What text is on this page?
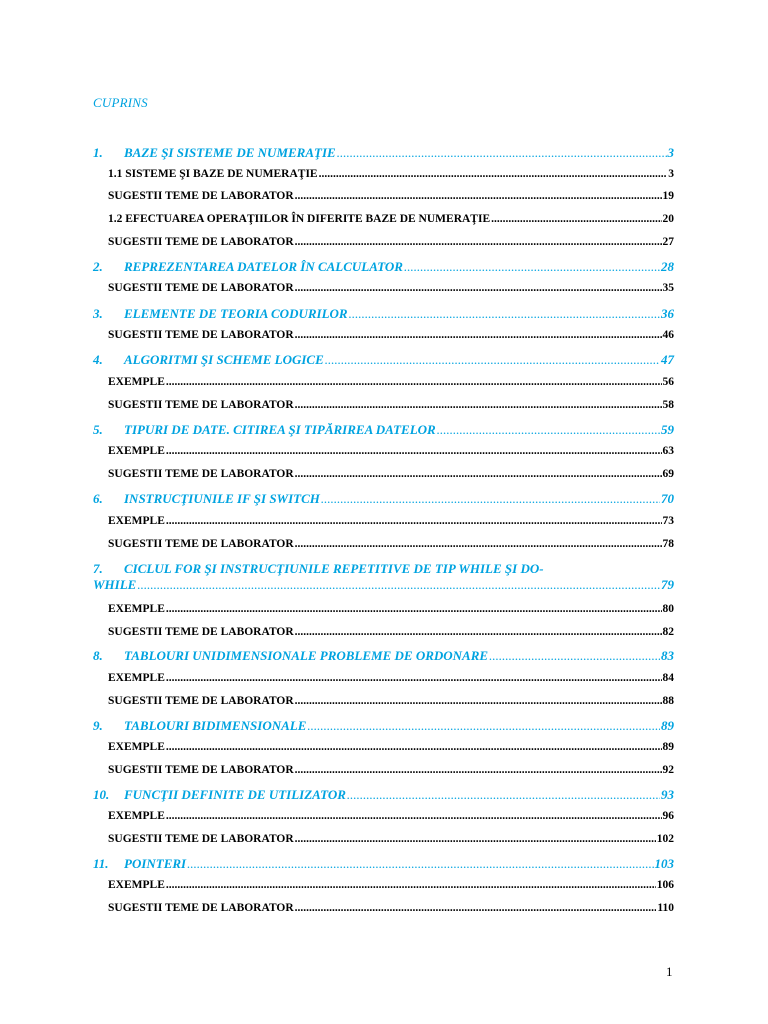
CUPRINS
1.	BAZE ŞI SISTEME DE NUMERAŢIE .....	3
1.1 SISTEME ŞI BAZE DE NUMERAŢIE .....	3
SUGESTII TEME DE LABORATOR .....	19
1.2 EFECTUAREA OPERAŢIILOR ÎN DIFERITE BAZE DE NUMERAŢIE .....	20
SUGESTII TEME DE LABORATOR .....	27
2.	REPREZENTAREA DATELOR ÎN CALCULATOR .....	28
SUGESTII TEME DE LABORATOR .....	35
3.	ELEMENTE DE TEORIA CODURILOR .....	36
SUGESTII TEME DE LABORATOR .....	46
4.	ALGORITMI ŞI SCHEME LOGICE .....	47
EXEMPLE .....	56
SUGESTII TEME DE LABORATOR .....	58
5.	TIPURI DE DATE. CITIREA ŞI TIPĂRIREA DATELOR .....	59
EXEMPLE .....	63
SUGESTII TEME DE LABORATOR .....	69
6.	INSTRUCŢIUNILE IF ŞI SWITCH .....	70
EXEMPLE .....	73
SUGESTII TEME DE LABORATOR .....	78
7.	CICLUL FOR ŞI INSTRUCŢIUNILE REPETITIVE DE TIP WHILE ŞI DO-
WHILE .....	79
EXEMPLE .....	80
SUGESTII TEME DE LABORATOR .....	82
8.	TABLOURI UNIDIMENSIONALE PROBLEME DE ORDONARE .....	83
EXEMPLE .....	84
SUGESTII TEME DE LABORATOR .....	88
9.	TABLOURI BIDIMENSIONALE .....	89
EXEMPLE .....	89
SUGESTII TEME DE LABORATOR .....	92
10.	FUNCŢII DEFINITE DE UTILIZATOR .....	93
EXEMPLE .....	96
SUGESTII TEME DE LABORATOR .....	102
11.	POINTERI .....	103
EXEMPLE .....	106
SUGESTII TEME DE LABORATOR .....	110
1
